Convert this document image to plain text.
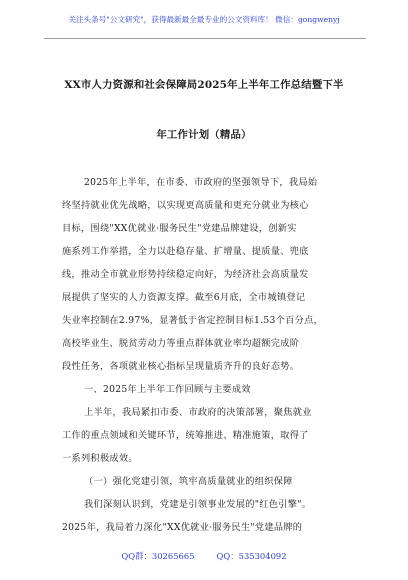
关注头条号"公文研究"，获得最新最全最专业的公文资料库！ 微信：gongwenyj
XX市人力资源和社会保障局2025年上半年工作总结暨下半
年工作计划（精品）
2025年上半年，在市委、市政府的坚强领导下，我局始
终坚持就业优先战略，以实现更高质量和更充分就业为核心
目标，围绕"XX优就业·服务民生"党建品牌建设，创新实
施系列工作举措，全力以赴稳存量、扩增量、提质量、兜底
线，推动全市就业形势持续稳定向好，为经济社会高质量发
展提供了坚实的人力资源支撑。截至6月底，全市城镇登记
失业率控制在2.97%，显著低于省定控制目标1.53个百分点，
高校毕业生、脱贫劳动力等重点群体就业率均超额完成阶
段性任务，各项就业核心指标呈现量质齐升的良好态势。
一、2025年上半年工作回顾与主要成效
上半年，我局紧扣市委、市政府的决策部署，聚焦就业
工作的重点领域和关键环节，统筹推进、精准施策，取得了
一系列积极成效。
（一）强化党建引领，筑牢高质量就业的组织保障
我们深刻认识到，党建是引领事业发展的"红色引擎"。
2025年，我局着力深化"XX优就业·服务民生"党建品牌的
QQ群：30265665	QQ：535304092
